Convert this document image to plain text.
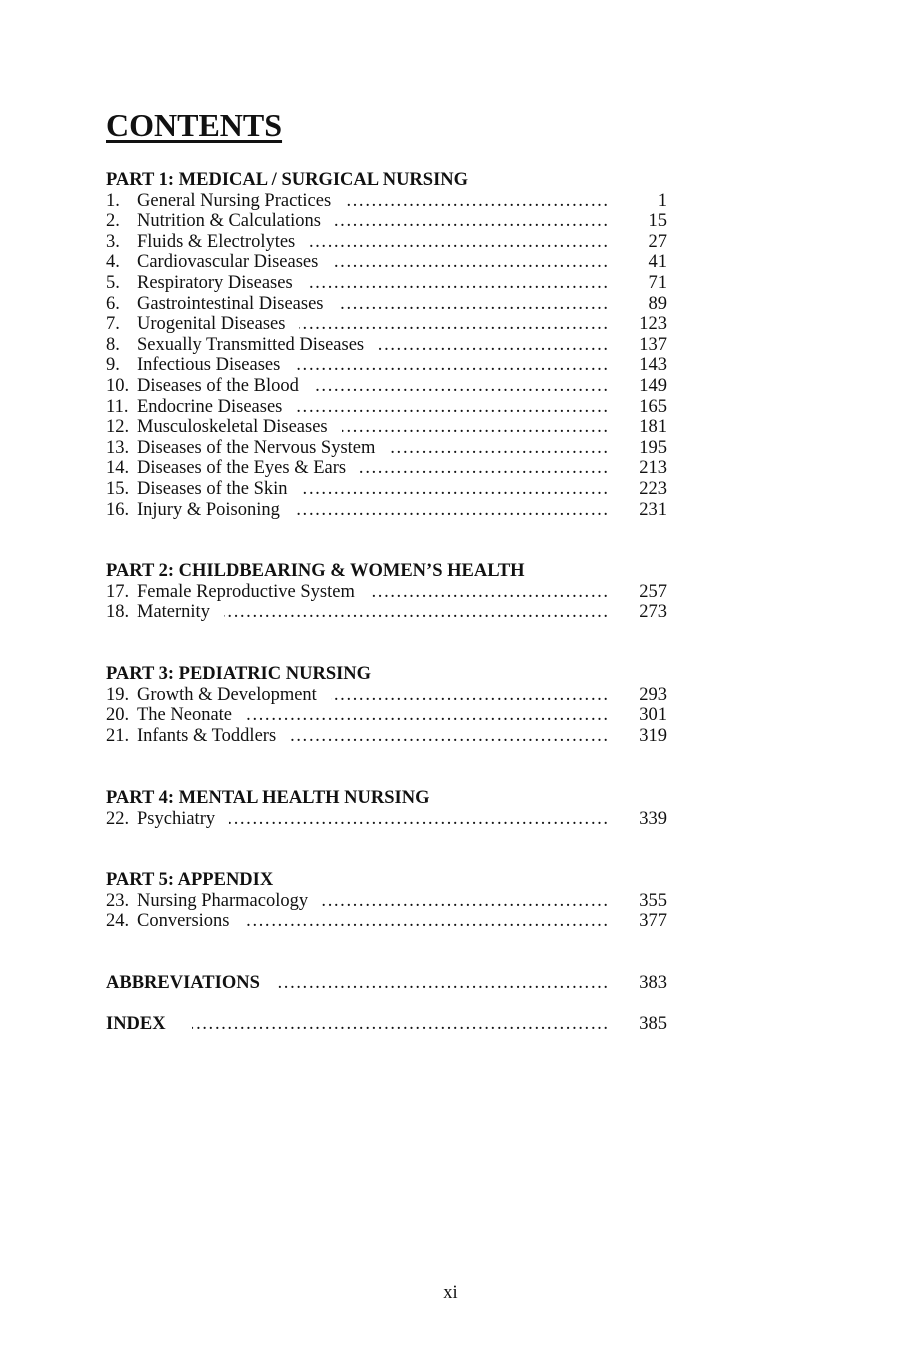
CONTENTS
PART 1: MEDICAL / SURGICAL NURSING
1. General Nursing Practices ……………………………………………………………………………………………………………………	1
2. Nutrition & Calculations ……………………………………………………………………………………………………………………	15
3. Fluids & Electrolytes ……………………………………………………………………………………………………………………	27
4. Cardiovascular Diseases ……………………………………………………………………………………………………………………	41
5. Respiratory Diseases ……………………………………………………………………………………………………………………	71
6. Gastrointestinal Diseases ……………………………………………………………………………………………………………………	89
7. Urogenital Diseases ……………………………………………………………………………………………………………………	123
8. Sexually Transmitted Diseases ……………………………………………………………………………………………………………………	137
9. Infectious Diseases ……………………………………………………………………………………………………………………	143
10. Diseases of the Blood ……………………………………………………………………………………………………………………	149
11. Endocrine Diseases ……………………………………………………………………………………………………………………	165
12. Musculoskeletal Diseases ……………………………………………………………………………………………………………………	181
13. Diseases of the Nervous System ……………………………………………………………………………………………………………………	195
14. Diseases of the Eyes & Ears ……………………………………………………………………………………………………………………	213
15. Diseases of the Skin ……………………………………………………………………………………………………………………	223
16. Injury & Poisoning ……………………………………………………………………………………………………………………	231
PART 2: CHILDBEARING & WOMEN’S HEALTH
17. Female Reproductive System ……………………………………………………………………………………………………………………	257
18. Maternity ……………………………………………………………………………………………………………………	273
PART 3: PEDIATRIC NURSING
19. Growth & Development ……………………………………………………………………………………………………………………	293
20. The Neonate ……………………………………………………………………………………………………………………	301
21. Infants & Toddlers ……………………………………………………………………………………………………………………	319
PART 4: MENTAL HEALTH NURSING
22. Psychiatry ……………………………………………………………………………………………………………………	339
PART 5: APPENDIX
23. Nursing Pharmacology ……………………………………………………………………………………………………………………	355
24. Conversions ……………………………………………………………………………………………………………………	377
ABBREVIATIONS ……………………………………………………………………………………………………………………	383
INDEX ……………………………………………………………………………………………………………………	385
xi
